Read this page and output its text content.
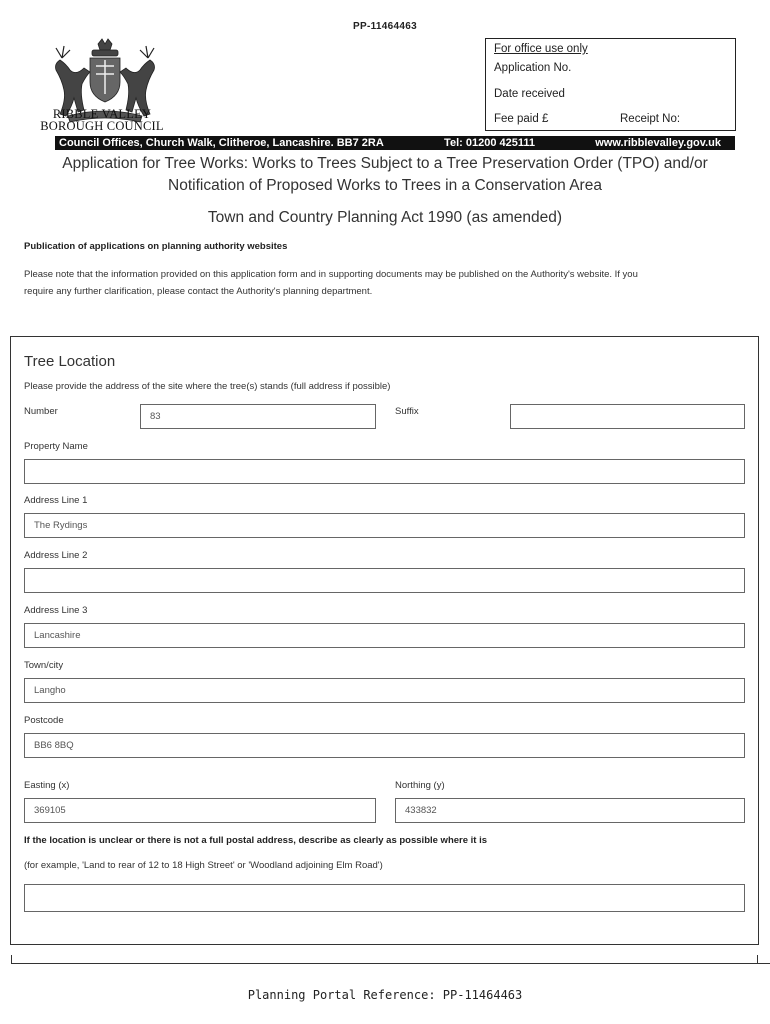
PP-11464463
RIBBLE VALLEY
BOROUGH COUNCIL
For office use only
Application No.
Date received
Fee paid £	Receipt No:
Council Offices, Church Walk, Clitheroe, Lancashire. BB7 2RA	Tel: 01200 425111	www.ribblevalley.gov.uk
Application for Tree Works: Works to Trees Subject to a Tree Preservation Order (TPO) and/or
Notification of Proposed Works to Trees in a Conservation Area
Town and Country Planning Act 1990 (as amended)
Publication of applications on planning authority websites
Please note that the information provided on this application form and in supporting documents may be published on the Authority's website. If you
require any further clarification, please contact the Authority's planning department.
Tree Location
Please provide the address of the site where the tree(s) stands (full address if possible)
Number	83	Suffix
Property Name
Address Line 1
The Rydings
Address Line 2
Address Line 3
Lancashire
Town/city
Langho
Postcode
BB6 8BQ
Easting (x)
369105
Northing (y)
433832
If the location is unclear or there is not a full postal address, describe as clearly as possible where it is
(for example, 'Land to rear of 12 to 18 High Street' or 'Woodland adjoining Elm Road')
Planning Portal Reference: PP-11464463
